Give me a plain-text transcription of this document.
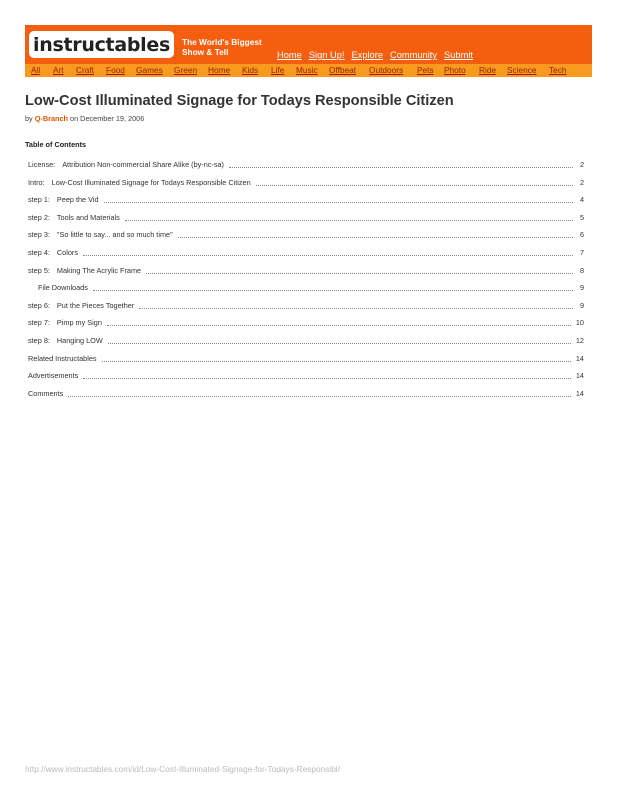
instructables The World's Biggest
Show & Tell	Home Sign Up! Explore Community Submit
All Art Craft Food Games Green Home Kids Life Music Offbeat Outdoors Pets Photo Ride Science Tech
Low-Cost Illuminated Signage for Todays Responsible Citizen
by Q-Branch on December 19, 2006
Table of Contents
License: Attribution Non-commercial Share Alike (by-nc-sa)	2
Intro: Low-Cost Illuminated Signage for Todays Responsible Citizen	2
step 1: Peep the Vid	4
step 2: Tools and Materials	5
step 3: "So little to say... and so much time"	6
step 4: Colors	7
step 5: Making The Acrylic Frame	8
File Downloads	9
step 6: Put the Pieces Together	9
step 7: Pimp my Sign	10
step 8: Hanging LOW	12
Related Instructables	14
Advertisements	14
Comments	14
http://www.instructables.com/id/Low-Cost-Illuminated-Signage-for-Todays-Responsibl/
